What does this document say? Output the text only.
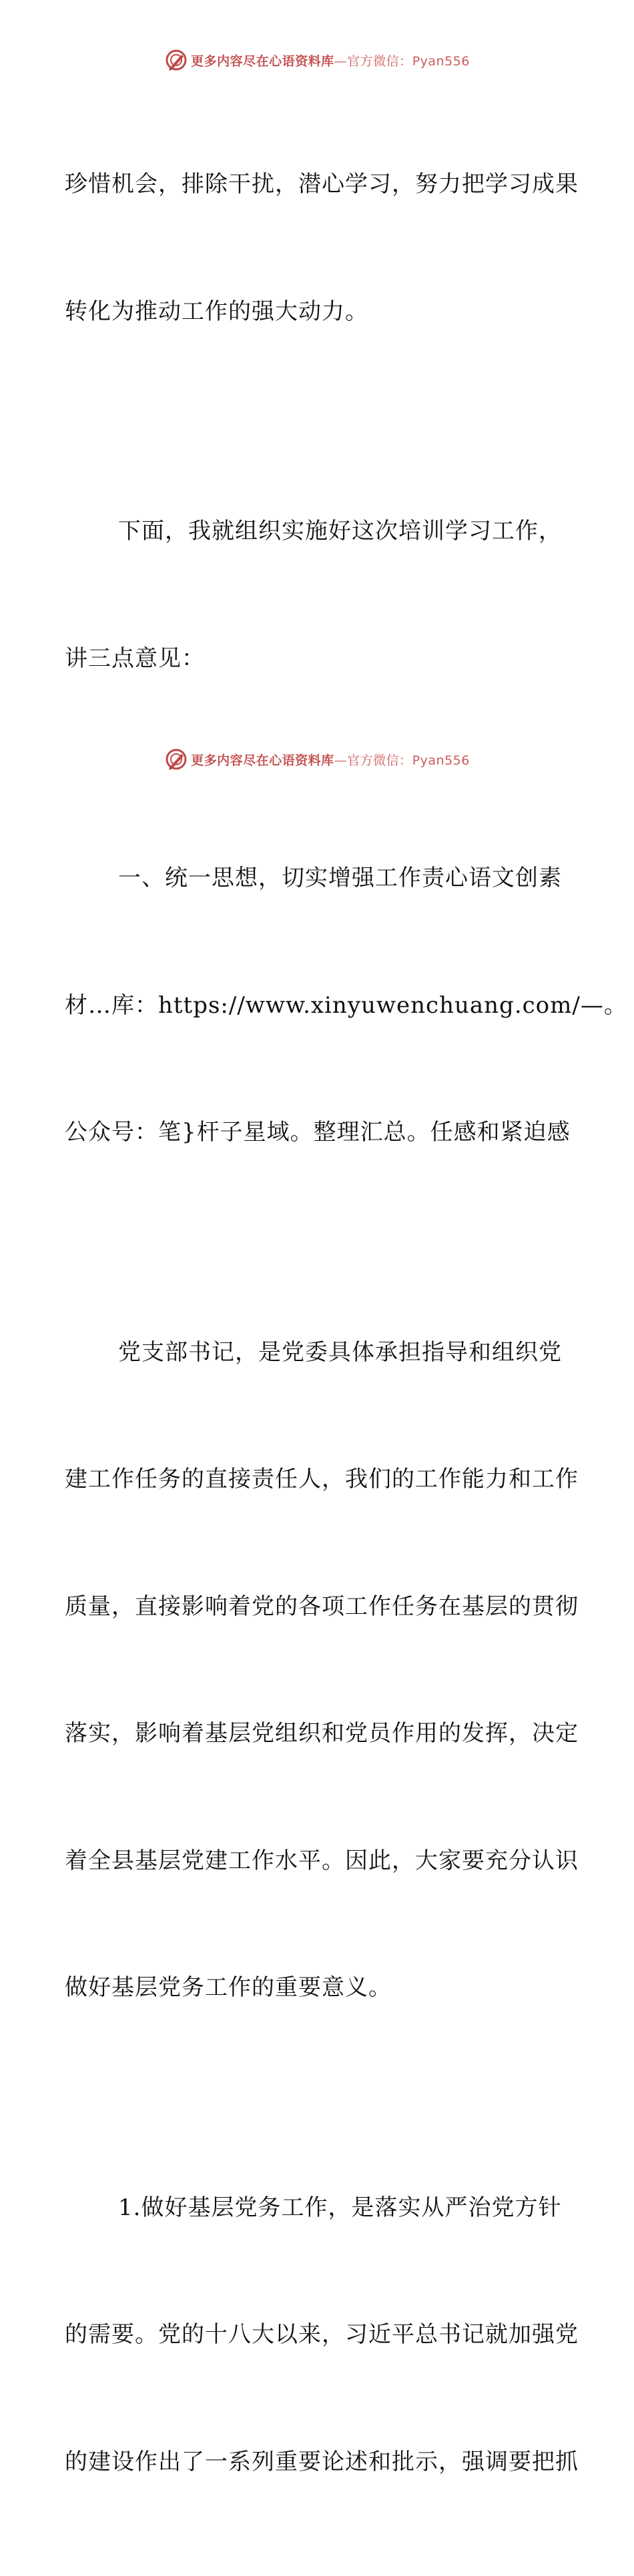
更多内容尽在心语资料库—官方微信：Pyan556

珍惜机会，排除干扰，潜心学习，努力把学习成果

转化为推动工作的强大动力。

下面，我就组织实施好这次培训学习工作，

讲三点意见：

一、统一思想，切实增强工作责心语文创素

材…库：https://www.xinyuwenchuang.com/—。

公众号：笔}杆子星域。整理汇总。任感和紧迫感

党支部书记，是党委具体承担指导和组织党

建工作任务的直接责任人，我们的工作能力和工作

质量，直接影响着党的各项工作任务在基层的贯彻

落实，影响着基层党组织和党员作用的发挥，决定

着全县基层党建工作水平。因此，大家要充分认识

做好基层党务工作的重要意义。

1.做好基层党务工作，是落实从严治党方针

的需要。党的十八大以来，习近平总书记就加强党

的建设作出了一系列重要论述和批示，强调要把抓

更多内容尽在心语资料库—官方微信：Pyan556
